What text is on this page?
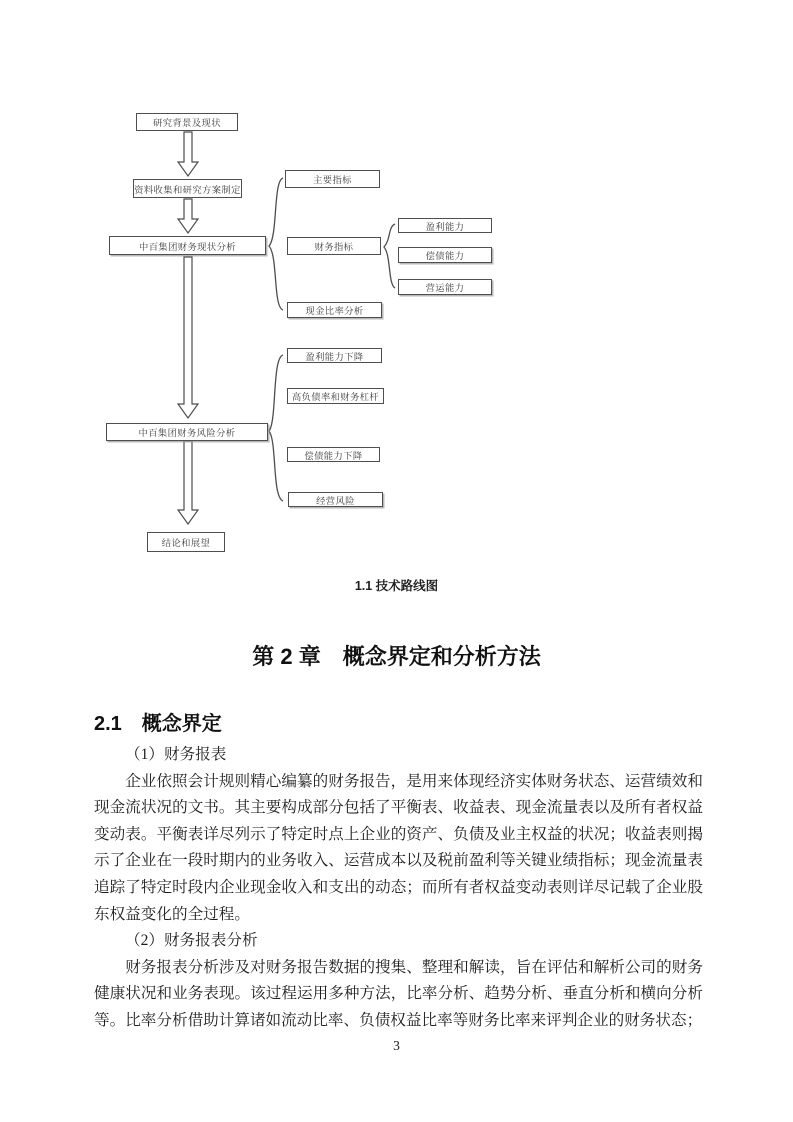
研究背景及现状
资料收集和研究方案制定
中百集团财务现状分析
中百集团财务风险分析
结论和展望
主要指标
财务指标
现金比率分析
盈利能力
偿债能力
营运能力
盈利能力下降
高负债率和财务杠杆
偿债能力下降
经营风险
1.1 技术路线图
第 2 章　概念界定和分析方法
2.1　概念界定
（1）财务报表

企业依照会计规则精心编纂的财务报告，是用来体现经济实体财务状态、运营绩效和现金流状况的文书。其主要构成部分包括了平衡表、收益表、现金流量表以及所有者权益变动表。平衡表详尽列示了特定时点上企业的资产、负债及业主权益的状况；收益表则揭示了企业在一段时期内的业务收入、运营成本以及税前盈利等关键业绩指标；现金流量表追踪了特定时段内企业现金收入和支出的动态；而所有者权益变动表则详尽记载了企业股东权益变化的全过程。

（2）财务报表分析

财务报表分析涉及对财务报告数据的搜集、整理和解读，旨在评估和解析公司的财务健康状况和业务表现。该过程运用多种方法，比率分析、趋势分析、垂直分析和横向分析等。比率分析借助计算诸如流动比率、负债权益比率等财务比率来评判企业的财务状态；

3
